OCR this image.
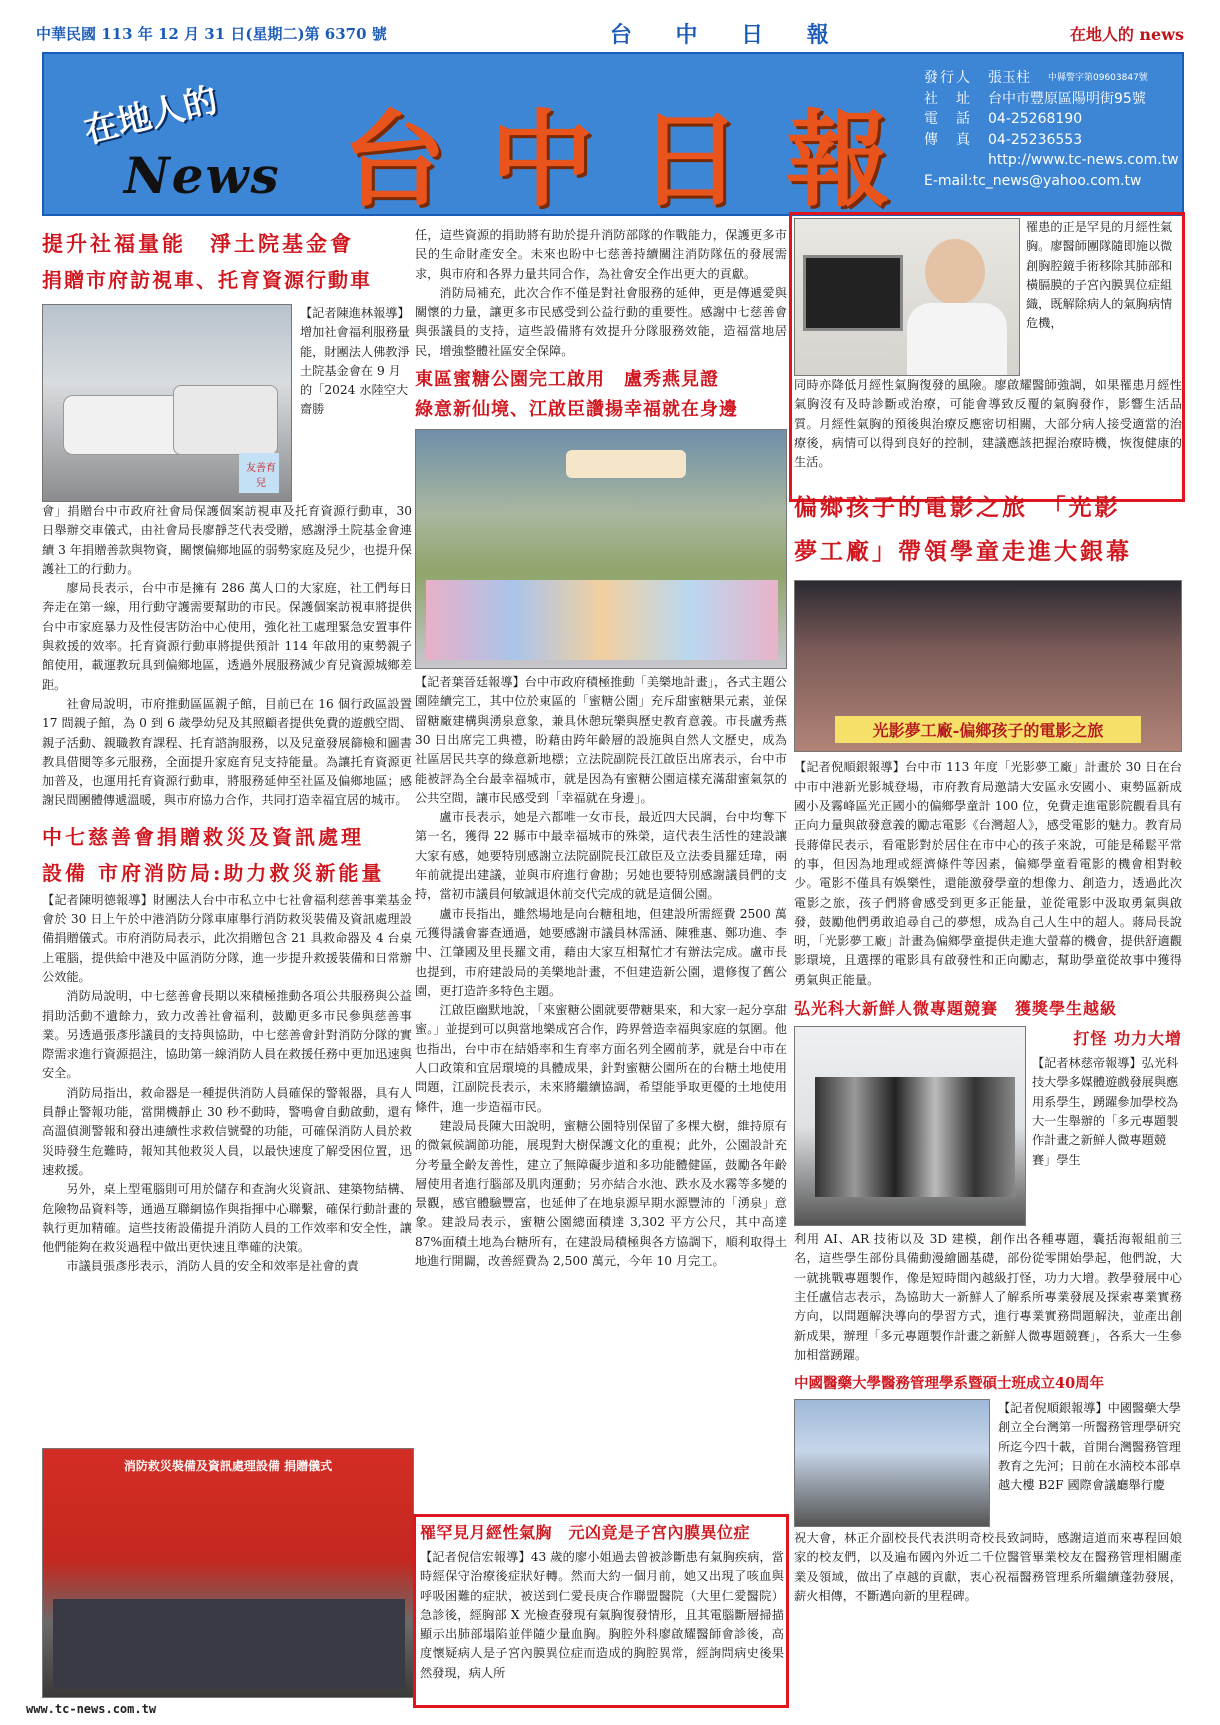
中華民國 113 年 12 月 31 日(星期二)第 6370 號	台 中 日 報	在地人的 news
在地人的
News 台中日報
發行人 張玉柱 中縣警字第09603847號
社　址 台中市豐原區陽明街95號
電　話 04-25268190
傳　真 04-25236553
http://www.tc-news.com.tw
E-mail:tc_news@yahoo.com.tw
提升社福量能　淨土院基金會
捐贈市府訪視車、托育資源行動車
友善育兒
【記者陳進林報導】增加社會福利服務量能，財團法人佛教淨土院基金會在 9 月的「2024 水陸空大齋勝

會」捐贈台中市政府社會局保護個案訪視車及托育資源行動車，30 日舉辦交車儀式，由社會局長廖靜芝代表受贈，感謝淨土院基金會連續 3 年捐贈善款與物資，關懷偏鄉地區的弱勢家庭及兒少，也提升保護社工的行動力。

廖局長表示，台中市是擁有 286 萬人口的大家庭，社工們每日奔走在第一線，用行動守護需要幫助的市民。保護個案訪視車將提供台中市家庭暴力及性侵害防治中心使用，強化社工處理緊急安置事件與救援的效率。托育資源行動車將提供預計 114 年啟用的東勢親子館使用，載運教玩具到偏鄉地區，透過外展服務減少育兒資源城鄉差距。

社會局說明，市府推動區區親子館，目前已在 16 個行政區設置 17 間親子館，為 0 到 6 歲學幼兒及其照顧者提供免費的遊戲空間、親子活動、親職教育課程、托育諮詢服務，以及兒童發展篩檢和圖書教具借閱等多元服務，全面提升家庭育兒支持能量。為讓托育資源更加普及，也運用托育資源行動車，將服務延伸至社區及偏鄉地區；感謝民間團體傳遞溫暖，與市府協力合作，共同打造幸福宜居的城市。

中七慈善會捐贈救災及資訊處理
設備 市府消防局:助力救災新能量

【記者陳明德報導】財團法人台中市私立中七社會福利慈善事業基金會於 30 日上午於中港消防分隊車庫舉行消防救災裝備及資訊處理設備捐贈儀式。市府消防局表示，此次捐贈包含 21 具救命器及 4 台桌上電腦，提供給中港及中區消防分隊，進一步提升救援裝備和日常辦公效能。

消防局說明，中七慈善會長期以來積極推動各項公共服務與公益捐助活動不遺餘力，致力改善社會福利，鼓勵更多市民參與慈善事業。另透過張彥彤議員的支持與協助，中七慈善會針對消防分隊的實際需求進行資源挹注，協助第一線消防人員在救援任務中更加迅速與安全。

消防局指出，救命器是一種提供消防人員確保的警報器，具有人員靜止警報功能，當開機靜止 30 秒不動時，警鳴會自動啟動，還有高溫偵測警報和發出連續性求救信號聲的功能，可確保消防人員於救災時發生危難時，報知其他救災人員，以最快速度了解受困位置，迅速救援。

另外，桌上型電腦則可用於儲存和查詢火災資訊、建築物結構、危險物品資料等，通過互聯網協作與指揮中心聯繫，確保行動計畫的執行更加精確。這些技術設備提升消防人員的工作效率和安全性，讓他們能夠在救災過程中做出更快速且準確的決策。

市議員張彥彤表示，消防人員的安全和效率是社會的責

消防救災裝備及資訊處理設備 捐贈儀式

任，這些資源的捐助將有助於提升消防部隊的作戰能力，保護更多市民的生命財產安全。未來也盼中七慈善持續關注消防隊伍的發展需求，與市府和各界力量共同合作，為社會安全作出更大的貢獻。

消防局補充，此次合作不僅是對社會服務的延伸，更是傳遞愛與關懷的力量，讓更多市民感受到公益行動的重要性。感謝中七慈善會與張議員的支持，這些設備將有效提升分隊服務效能，造福當地居民，增強整體社區安全保障。

東區蜜糖公園完工啟用　盧秀燕見證
綠意新仙境、江啟臣讚揚幸福就在身邊

【記者葉晉廷報導】台中市政府積極推動「美樂地計畫」，各式主題公園陸續完工，其中位於東區的「蜜糖公園」充斥甜蜜糖果元素，並保留糖廠建構與湧泉意象，兼具休憩玩樂與歷史教育意義。市長盧秀燕 30 日出席完工典禮，盼藉由跨年齡層的設施與自然人文歷史，成為社區居民共享的綠意新地標；立法院副院長江啟臣出席表示，台中市能被評為全台最幸福城市，就是因為有蜜糖公園這樣充滿甜蜜氣氛的公共空間，讓市民感受到「幸福就在身邊」。

盧市長表示，她是六都唯一女市長，最近四大民調，台中均奪下第一名，獲得 22 縣市中最幸福城市的殊榮，這代表生活性的建設讓大家有感，她要特別感謝立法院副院長江啟臣及立法委員羅廷瑋，兩年前就提出建議，並與市府進行會勘；另她也要特別感謝議員們的支持，當初市議員何敏誠退休前交代完成的就是這個公園。

盧市長指出，雖然場地是向台糖租地，但建設所需經費 2500 萬元獲得議會審查通過，她要感謝市議員林霈涵、陳雅惠、鄭功進、李中、江肇國及里長羅文甫，藉由大家互相幫忙才有辦法完成。盧市長也提到，市府建設局的美樂地計畫，不但建造新公園，還修復了舊公園，更打造許多特色主題。

江啟臣幽默地說，「來蜜糖公園就要帶糖果來，和大家一起分享甜蜜。」並提到可以與當地樂成宮合作，跨界營造幸福與家庭的氛圍。他也指出，台中市在結婚率和生育率方面名列全國前茅，就是台中市在人口政策和宜居環境的具體成果，針對蜜糖公園所在的台糖土地使用問題，江副院長表示，未來將繼續協調，希望能爭取更優的土地使用條件，進一步造福市民。

建設局長陳大田說明，蜜糖公園特別保留了多棵大樹，維持原有的微氣候調節功能，展現對大樹保護文化的重視；此外，公園設計充分考量全齡友善性，建立了無障礙步道和多功能體健區，鼓勵各年齡層使用者進行腦部及肌肉運動；另亦結合水池、跌水及水霧等多變的景觀，感官體驗豐富，也延伸了在地泉源早期水源豐沛的「湧泉」意象。建設局表示，蜜糖公園總面積達 3,302 平方公尺，其中高達 87%面積土地為台糖所有，在建設局積極與各方協調下，順利取得土地進行開闢，改善經費為 2,500 萬元，今年 10 月完工。

罹罕見月經性氣胸　元凶竟是子宮內膜異位症

【記者倪信宏報導】43 歲的廖小姐過去曾被診斷患有氣胸疾病，當時經保守治療後症狀好轉。然而大約一個月前，她又出現了咳血與呼吸困難的症狀，被送到仁愛長庚合作聯盟醫院（大里仁愛醫院）急診後，經胸部 X 光檢查發現有氣胸復發情形，且其電腦斷層掃描顯示出肺部塌陷並伴隨少量血胸。胸腔外科廖啟耀醫師會診後，高度懷疑病人是子宮內膜異位症而造成的胸腔異常，經詢問病史後果然發現，病人所

罹患的正是罕見的月經性氣胸。廖醫師團隊隨即施以微創胸腔鏡手術移除其肺部和橫膈膜的子宮內膜異位症組織，既解除病人的氣胸病情危機，

同時亦降低月經性氣胸復發的風險。廖啟耀醫師強調，如果罹患月經性氣胸沒有及時診斷或治療，可能會導致反覆的氣胸發作，影響生活品質。月經性氣胸的預後與治療反應密切相關，大部分病人接受適當的治療後，病情可以得到良好的控制，建議應該把握治療時機，恢復健康的生活。

偏鄉孩子的電影之旅　「光影
夢工廠」帶領學童走進大銀幕
光影夢工廠-偏鄉孩子的電影之旅

【記者倪順銀報導】台中市 113 年度「光影夢工廠」計畫於 30 日在台中市中港新光影城登場，市府教育局邀請大安區永安國小、東勢區新成國小及霧峰區光正國小的偏鄉學童計 100 位，免費走進電影院觀看具有正向力量與啟發意義的勵志電影《台灣超人》，感受電影的魅力。教育局長蔣偉民表示，看電影對於居住在市中心的孩子來說，可能是稀鬆平常的事，但因為地理或經濟條件等因素，偏鄉學童看電影的機會相對較少。電影不僅具有娛樂性，還能激發學童的想像力、創造力，透過此次電影之旅，孩子們將會感受到更多正能量，並從電影中汲取勇氣與啟發，鼓勵他們勇敢追尋自己的夢想，成為自己人生中的超人。蔣局長說明，「光影夢工廠」計畫為偏鄉學童提供走進大螢幕的機會，提供舒適觀影環境，且選擇的電影具有啟發性和正向勵志，幫助學童從故事中獲得勇氣與正能量。

弘光科大新鮮人微專題競賽　獲獎學生越級
打怪 功力大增
【記者林慈帝報導】弘光科技大學多媒體遊戲發展與應用系學生，踴躍參加學校為大一生舉辦的「多元專題製作計畫之新鮮人微專題競賽」學生

利用 AI、AR 技術以及 3D 建模，創作出各種專題，囊括海報組前三名，這些學生部份具備動漫繪圖基礎，部份從零開始學起，他們說，大一就挑戰專題製作，像是短時間內越級打怪，功力大增。教學發展中心主任盧信志表示，為協助大一新鮮人了解系所專業發展及探索專業實務方向，以問題解決導向的學習方式，進行專業實務問題解決，並產出創新成果，辦理「多元專題製作計畫之新鮮人微專題競賽」，各系大一生參加相當踴躍。

中國醫藥大學醫務管理學系暨碩士班成立40周年
【記者倪順銀報導】中國醫藥大學創立全台灣第一所醫務管理學研究所迄今四十載，首開台灣醫務管理教育之先河；日前在水湳校本部卓越大樓 B2F 國際會議廳舉行慶

祝大會，林正介副校長代表洪明奇校長致詞時，感謝這道而來專程回娘家的校友們，以及遍布國內外近二千位醫管畢業校友在醫務管理相關產業及領域，做出了卓越的貢獻，衷心祝福醫務管理系所繼續蓬勃發展，薪火相傳，不斷邁向新的里程碑。

www.tc-news.com.tw
